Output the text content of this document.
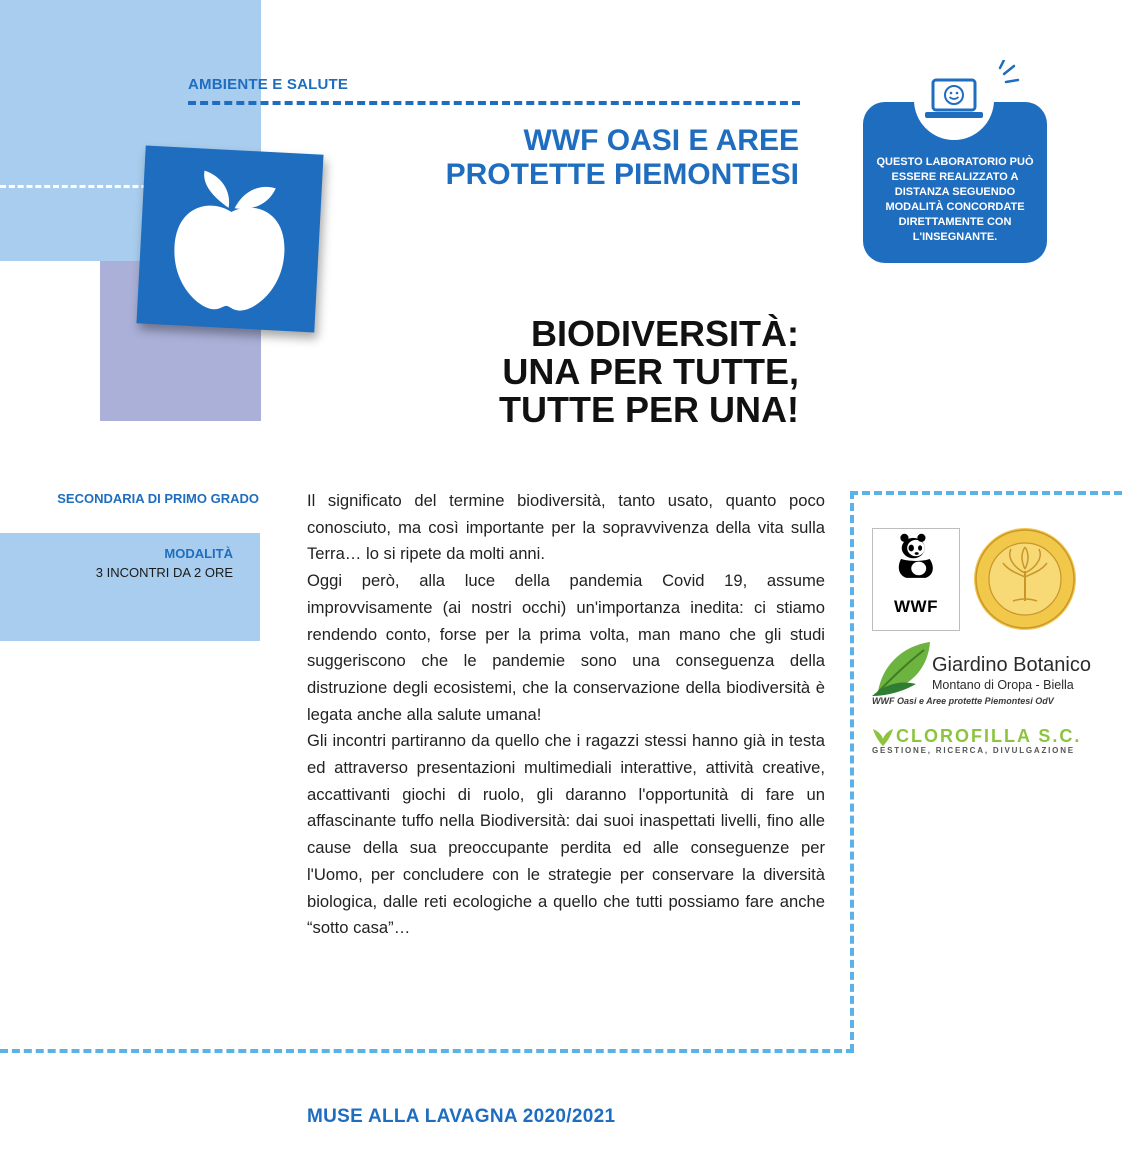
AMBIENTE E SALUTE
WWF OASI E AREE
PROTETTE PIEMONTESI	QUESTO LABORATORIO PUÒ ESSERE REALIZZATO A DISTANZA SEGUENDO MODALITÀ CONCORDATE DIRETTAMENTE CON L'INSEGNANTE.
BIODIVERSITÀ:
UNA PER TUTTE,
TUTTE PER UNA!
SECONDARIA DI PRIMO GRADO
MODALITÀ
3 INCONTRI DA 2 ORE

Il significato del termine biodiversità, tanto usato, quanto poco conosciuto, ma così importante per la sopravvivenza della vita sulla Terra… lo si ripete da molti anni.

Oggi però, alla luce della pandemia Covid 19, assume improvvisamente (ai nostri occhi) un'importanza inedita: ci stiamo rendendo conto, forse per la prima volta, man mano che gli studi suggeriscono che le pandemie sono una conseguenza della distruzione degli ecosistemi, che la conservazione della biodiversità è legata anche alla salute umana!

Gli incontri partiranno da quello che i ragazzi stessi hanno già in testa ed attraverso presentazioni multimediali interattive, attività creative, accattivanti giochi di ruolo, gli daranno l'opportunità di fare un affascinante tuffo nella Biodiversità: dai suoi inaspettati livelli, fino alle cause della sua preoccupante perdita ed alle conseguenze per l'Uomo, per concludere con le strategie per conservare la diversità biologica, dalle reti ecologiche a quello che tutti possiamo fare anche “sotto casa”…

WWF
Giardino Botanico
Montano di Oropa - Biella
WWF Oasi e Aree protette Piemontesi OdV
CLOROFILLA S.C.
GESTIONE, RICERCA, DIVULGAZIONE
MUSE ALLA LAVAGNA 2020/2021
